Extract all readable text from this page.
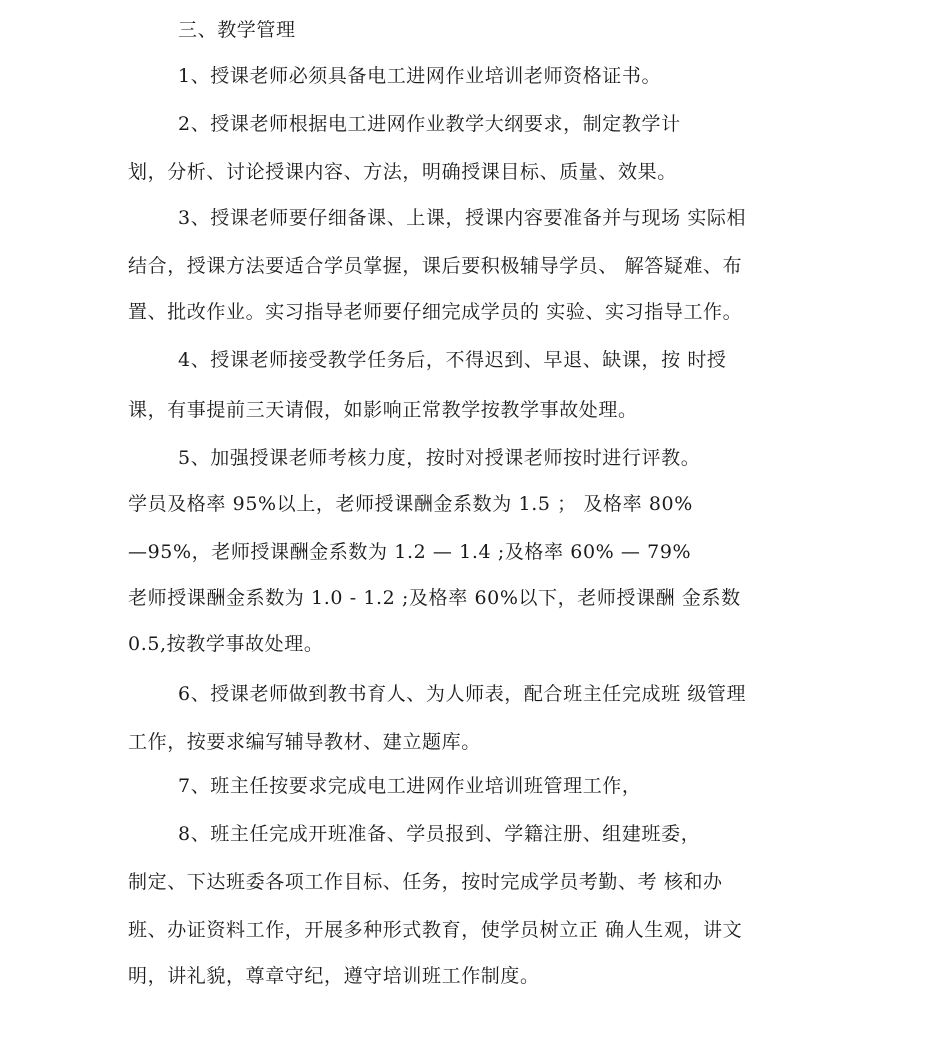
三、教学管理
1、授课老师必须具备电工进网作业培训老师资格证书。
2、授课老师根据电工进网作业教学大纲要求，制定教学计
划，分析、讨论授课内容、方法，明确授课目标、质量、效果。
3、授课老师要仔细备课、上课，授课内容要准备并与现场 实际相
结合，授课方法要适合学员掌握，课后要积极辅导学员、 解答疑难、布
置、批改作业。实习指导老师要仔细完成学员的 实验、实习指导工作。
4、授课老师接受教学任务后，不得迟到、早退、缺课，按 时授
课，有事提前三天请假，如影响正常教学按教学事故处理。
5、加强授课老师考核力度，按时对授课老师按时进行评教。
学员及格率 95%以上，老师授课酬金系数为 1.5 ； 及格率 80%
—95%，老师授课酬金系数为 1.2 — 1.4 ;及格率 60% — 79%
老师授课酬金系数为 1.0 - 1.2 ;及格率 60%以下，老师授课酬 金系数
0.5,按教学事故处理。
6、授课老师做到教书育人、为人师表，配合班主任完成班 级管理
工作，按要求编写辅导教材、建立题库。
7、班主任按要求完成电工进网作业培训班管理工作，
8、班主任完成开班准备、学员报到、学籍注册、组建班委，
制定、下达班委各项工作目标、任务，按时完成学员考勤、考 核和办
班、办证资料工作，开展多种形式教育，使学员树立正 确人生观，讲文
明，讲礼貌，尊章守纪，遵守培训班工作制度。
